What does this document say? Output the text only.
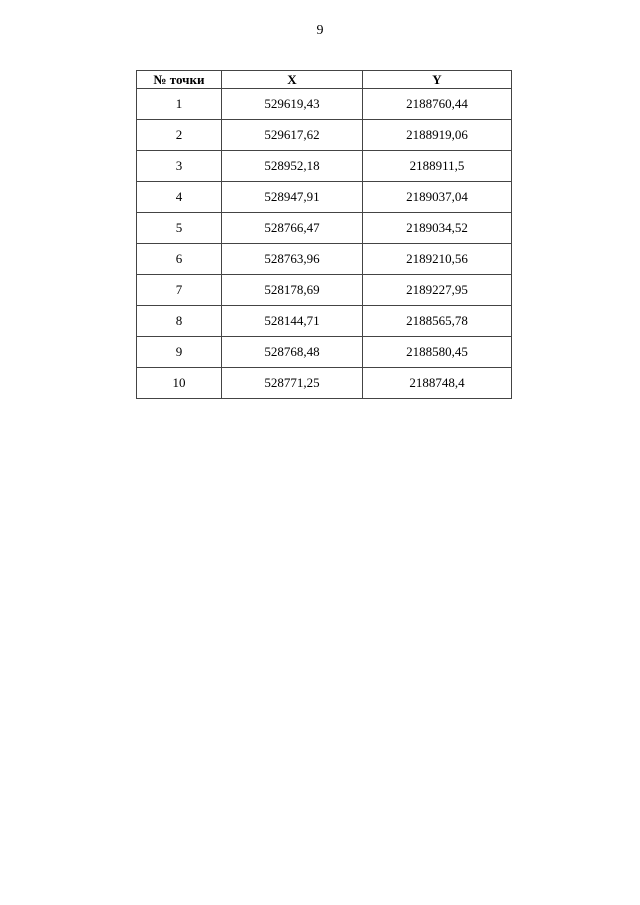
9
№ точки	X	Y
1	529619,43	2188760,44
2	529617,62	2188919,06
3	528952,18	2188911,5
4	528947,91	2189037,04
5	528766,47	2189034,52
6	528763,96	2189210,56
7	528178,69	2189227,95
8	528144,71	2188565,78
9	528768,48	2188580,45
10	528771,25	2188748,4
